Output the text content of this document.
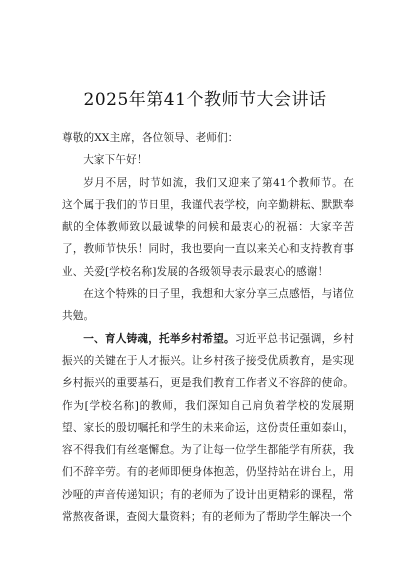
2025年第41个教师节大会讲话

尊敬的XX主席，各位领导、老师们：

大家下午好！

岁月不居，时节如流，我们又迎来了第41个教师节。在这个属于我们的节日里，我谨代表学校，向辛勤耕耘、默默奉献的全体教师致以最诚挚的问候和最衷心的祝福：大家辛苦了，教师节快乐！同时，我也要向一直以来关心和支持教育事业、关爱[学校名称]发展的各级领导表示最衷心的感谢！

在这个特殊的日子里，我想和大家分享三点感悟，与诸位共勉。

一、育人铸魂，托举乡村希望。习近平总书记强调，乡村振兴的关键在于人才振兴。让乡村孩子接受优质教育，是实现乡村振兴的重要基石，更是我们教育工作者义不容辞的使命。作为[学校名称]的教师，我们深知自己肩负着学校的发展期望、家长的殷切嘱托和学生的未来命运，这份责任重如泰山，容不得我们有丝毫懈怠。为了让每一位学生都能学有所获，我们不辞辛劳。有的老师即便身体抱恙，仍坚持站在讲台上，用沙哑的声音传递知识；有的老师为了设计出更精彩的课程，常常熬夜备课，查阅大量资料；有的老师为了帮助学生解决一个
